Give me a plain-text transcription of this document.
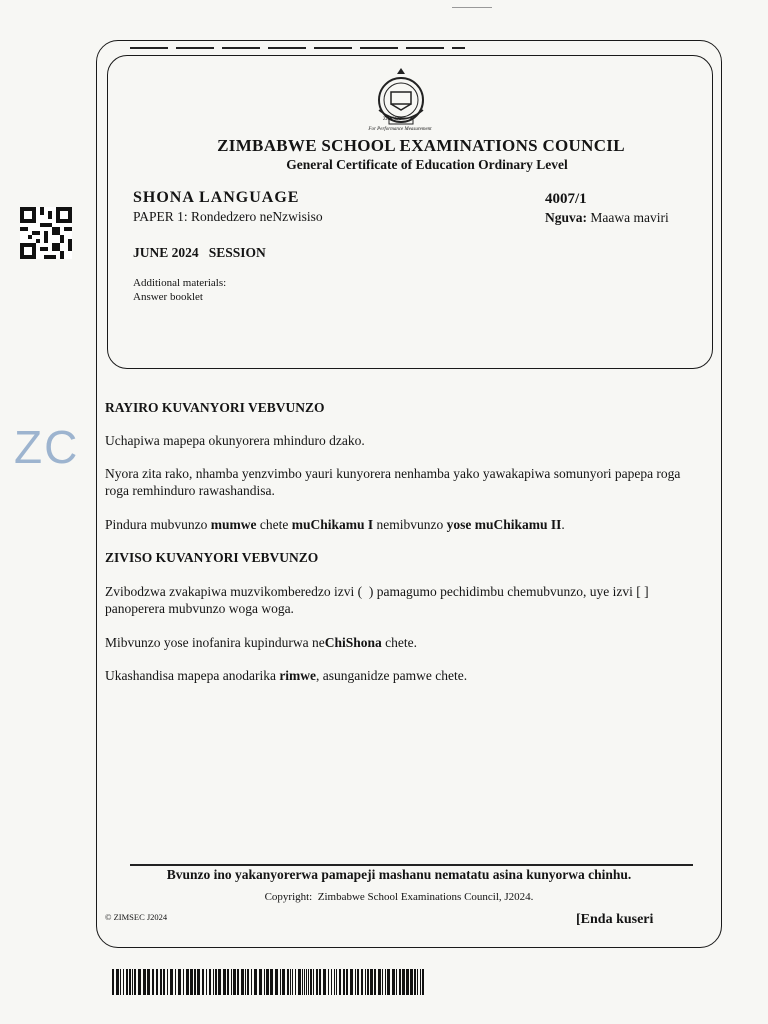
ZC
ZIMSEC
For Performance Measurement
ZIMBABWE SCHOOL EXAMINATIONS COUNCIL
General Certificate of Education Ordinary Level
SHONA LANGUAGE
PAPER 1: Rondedzero neNzwisiso
4007/1
Nguva: Maawa maviri
JUNE 2024   SESSION
Additional materials:
Answer booklet
RAYIRO KUVANYORI VEBVUNZO
Uchapiwa mapepa okunyorera mhinduro dzako.
Nyora zita rako, nhamba yenzvimbo yauri kunyorera nenhamba yako yawakapiwa somunyori papepa roga roga remhinduro rawashandisa.
Pindura mubvunzo mumwe chete muChikamu I nemibvunzo yose muChikamu II.
ZIVISO KUVANYORI VEBVUNZO
Zvibodzwa zvakapiwa muzvikomberedzo izvi (  ) pamagumo pechidimbu chemubvunzo, uye izvi [ ] panoperera mubvunzo woga woga.
Mibvunzo yose inofanira kupindurwa neChiShona chete.
Ukashandisa mapepa anodarika rimwe, asunganidze pamwe chete.
Bvunzo ino yakanyorerwa pamapeji mashanu nematatu asina kunyorwa chinhu.
Copyright:  Zimbabwe School Examinations Council, J2024.
© ZIMSEC J2024	[Enda kuseri
